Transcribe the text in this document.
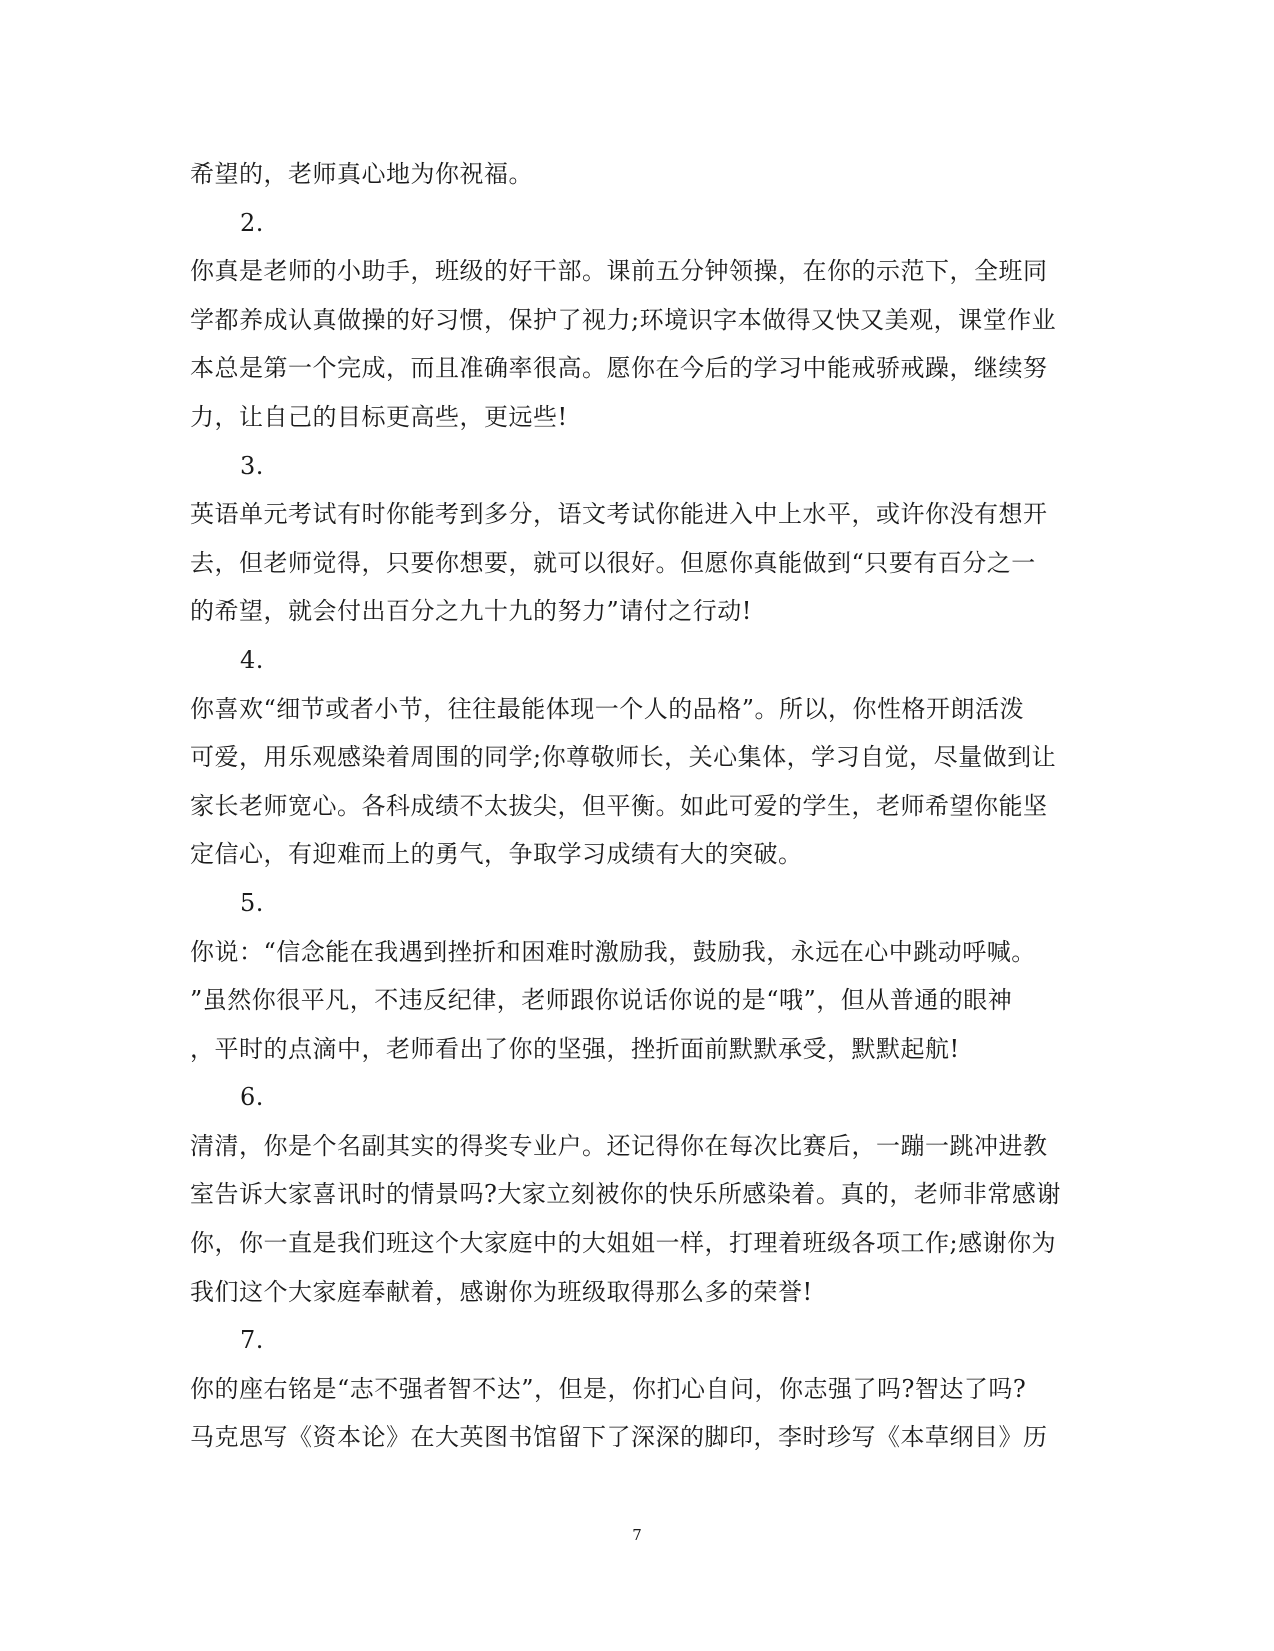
希望的，老师真心地为你祝福。
2.
你真是老师的小助手，班级的好干部。课前五分钟领操，在你的示范下，全班同
学都养成认真做操的好习惯，保护了视力;环境识字本做得又快又美观，课堂作业
本总是第一个完成，而且准确率很高。愿你在今后的学习中能戒骄戒躁，继续努
力，让自己的目标更高些，更远些!
3.
英语单元考试有时你能考到多分，语文考试你能进入中上水平，或许你没有想开
去，但老师觉得，只要你想要，就可以很好。但愿你真能做到“只要有百分之一
的希望，就会付出百分之九十九的努力”请付之行动!
4.
你喜欢“细节或者小节，往往最能体现一个人的品格”。所以，你性格开朗活泼
可爱，用乐观感染着周围的同学;你尊敬师长，关心集体，学习自觉，尽量做到让
家长老师宽心。各科成绩不太拔尖，但平衡。如此可爱的学生，老师希望你能坚
定信心，有迎难而上的勇气，争取学习成绩有大的突破。
5.
你说：“信念能在我遇到挫折和困难时激励我，鼓励我，永远在心中跳动呼喊。
”虽然你很平凡，不违反纪律，老师跟你说话你说的是“哦”，但从普通的眼神
，平时的点滴中，老师看出了你的坚强，挫折面前默默承受，默默起航!
6.
清清，你是个名副其实的得奖专业户。还记得你在每次比赛后，一蹦一跳冲进教
室告诉大家喜讯时的情景吗?大家立刻被你的快乐所感染着。真的，老师非常感谢
你，你一直是我们班这个大家庭中的大姐姐一样，打理着班级各项工作;感谢你为
我们这个大家庭奉献着，感谢你为班级取得那么多的荣誉!
7.
你的座右铭是“志不强者智不达”，但是，你扪心自问，你志强了吗?智达了吗?
马克思写《资本论》在大英图书馆留下了深深的脚印，李时珍写《本草纲目》历
7
